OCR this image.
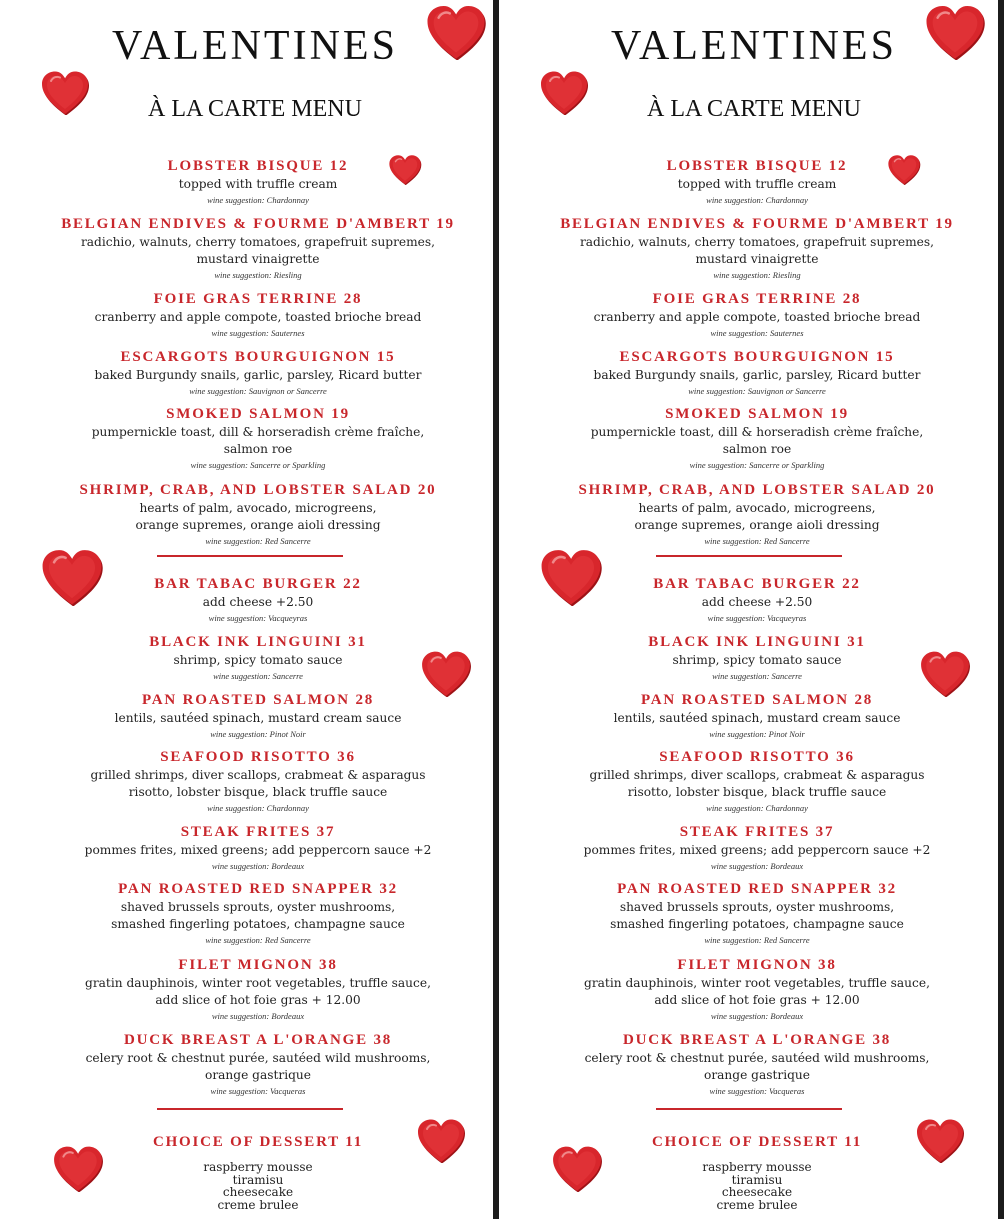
VALENTINES
À LA CARTE MENU
LOBSTER BISQUE 12
topped with truffle cream
wine suggestion: Chardonnay
BELGIAN ENDIVES & FOURME D'AMBERT 19
radichio, walnuts, cherry tomatoes, grapefruit supremes,
mustard vinaigrette
wine suggestion: Riesling
FOIE GRAS TERRINE 28
cranberry and apple compote, toasted brioche bread
wine suggestion: Sauternes
ESCARGOTS BOURGUIGNON 15
baked Burgundy snails, garlic, parsley, Ricard butter
wine suggestion: Sauvignon or Sancerre
SMOKED SALMON 19
pumpernickle toast, dill & horseradish crème fraîche,
salmon roe
wine suggestion: Sancerre or Sparkling
SHRIMP, CRAB, AND LOBSTER SALAD 20
hearts of palm, avocado, microgreens,
orange supremes, orange aioli dressing
wine suggestion: Red Sancerre
BAR TABAC BURGER 22
add cheese +2.50
wine suggestion: Vacqueyras
BLACK INK LINGUINI 31
shrimp, spicy tomato sauce
wine suggestion: Sancerre
PAN ROASTED SALMON 28
lentils, sautéed spinach, mustard cream sauce
wine suggestion: Pinot Noir
SEAFOOD RISOTTO 36
grilled shrimps, diver scallops, crabmeat & asparagus
risotto, lobster bisque, black truffle sauce
wine suggestion: Chardonnay
STEAK FRITES 37
pommes frites, mixed greens; add peppercorn sauce +2
wine suggestion: Bordeaux
PAN ROASTED RED SNAPPER 32
shaved brussels sprouts, oyster mushrooms,
smashed fingerling potatoes, champagne sauce
wine suggestion: Red Sancerre
FILET MIGNON 38
gratin dauphinois, winter root vegetables, truffle sauce,
add slice of hot foie gras + 12.00
wine suggestion: Bordeaux
DUCK BREAST A L'ORANGE 38
celery root & chestnut purée, sautéed wild mushrooms,
orange gastrique
wine suggestion: Vacqueras
CHOICE OF DESSERT 11
raspberry mousse
tiramisu
cheesecake
creme brulee
VALENTINES
À LA CARTE MENU
LOBSTER BISQUE 12
topped with truffle cream
wine suggestion: Chardonnay
BELGIAN ENDIVES & FOURME D'AMBERT 19
radichio, walnuts, cherry tomatoes, grapefruit supremes,
mustard vinaigrette
wine suggestion: Riesling
FOIE GRAS TERRINE 28
cranberry and apple compote, toasted brioche bread
wine suggestion: Sauternes
ESCARGOTS BOURGUIGNON 15
baked Burgundy snails, garlic, parsley, Ricard butter
wine suggestion: Sauvignon or Sancerre
SMOKED SALMON 19
pumpernickle toast, dill & horseradish crème fraîche,
salmon roe
wine suggestion: Sancerre or Sparkling
SHRIMP, CRAB, AND LOBSTER SALAD 20
hearts of palm, avocado, microgreens,
orange supremes, orange aioli dressing
wine suggestion: Red Sancerre
BAR TABAC BURGER 22
add cheese +2.50
wine suggestion: Vacqueyras
BLACK INK LINGUINI 31
shrimp, spicy tomato sauce
wine suggestion: Sancerre
PAN ROASTED SALMON 28
lentils, sautéed spinach, mustard cream sauce
wine suggestion: Pinot Noir
SEAFOOD RISOTTO 36
grilled shrimps, diver scallops, crabmeat & asparagus
risotto, lobster bisque, black truffle sauce
wine suggestion: Chardonnay
STEAK FRITES 37
pommes frites, mixed greens; add peppercorn sauce +2
wine suggestion: Bordeaux
PAN ROASTED RED SNAPPER 32
shaved brussels sprouts, oyster mushrooms,
smashed fingerling potatoes, champagne sauce
wine suggestion: Red Sancerre
FILET MIGNON 38
gratin dauphinois, winter root vegetables, truffle sauce,
add slice of hot foie gras + 12.00
wine suggestion: Bordeaux
DUCK BREAST A L'ORANGE 38
celery root & chestnut purée, sautéed wild mushrooms,
orange gastrique
wine suggestion: Vacqueras
CHOICE OF DESSERT 11
raspberry mousse
tiramisu
cheesecake
creme brulee
